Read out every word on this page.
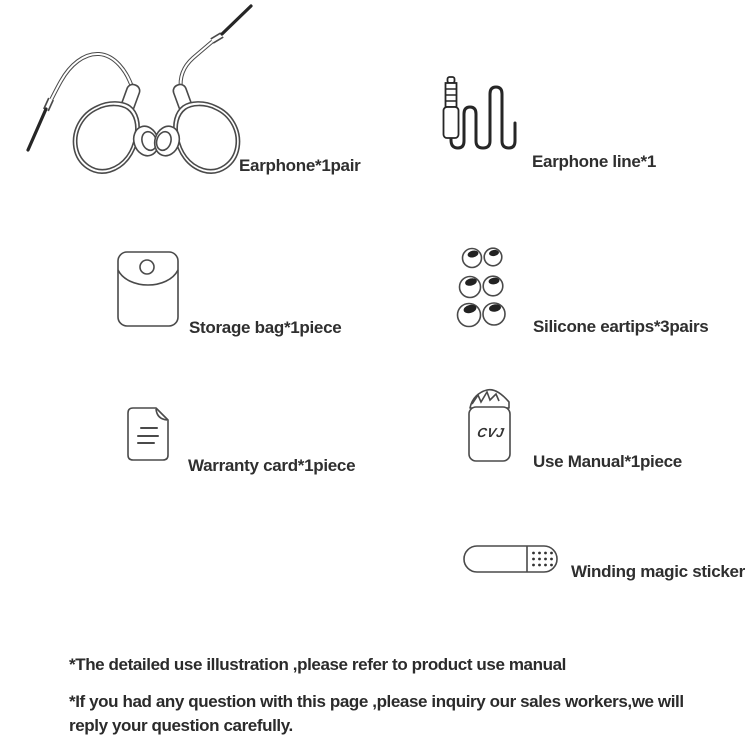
Earphone*1pair	Earphone line*1
Storage bag*1piece	Silicone eartips*3pairs
Warranty card*1piece
CVJ
Use Manual*1piece
Winding magic sticker
*The detailed use illustration ,please refer to product use manual
*If you had any question with this page ,please inquiry our sales workers,we will reply your question carefully.
